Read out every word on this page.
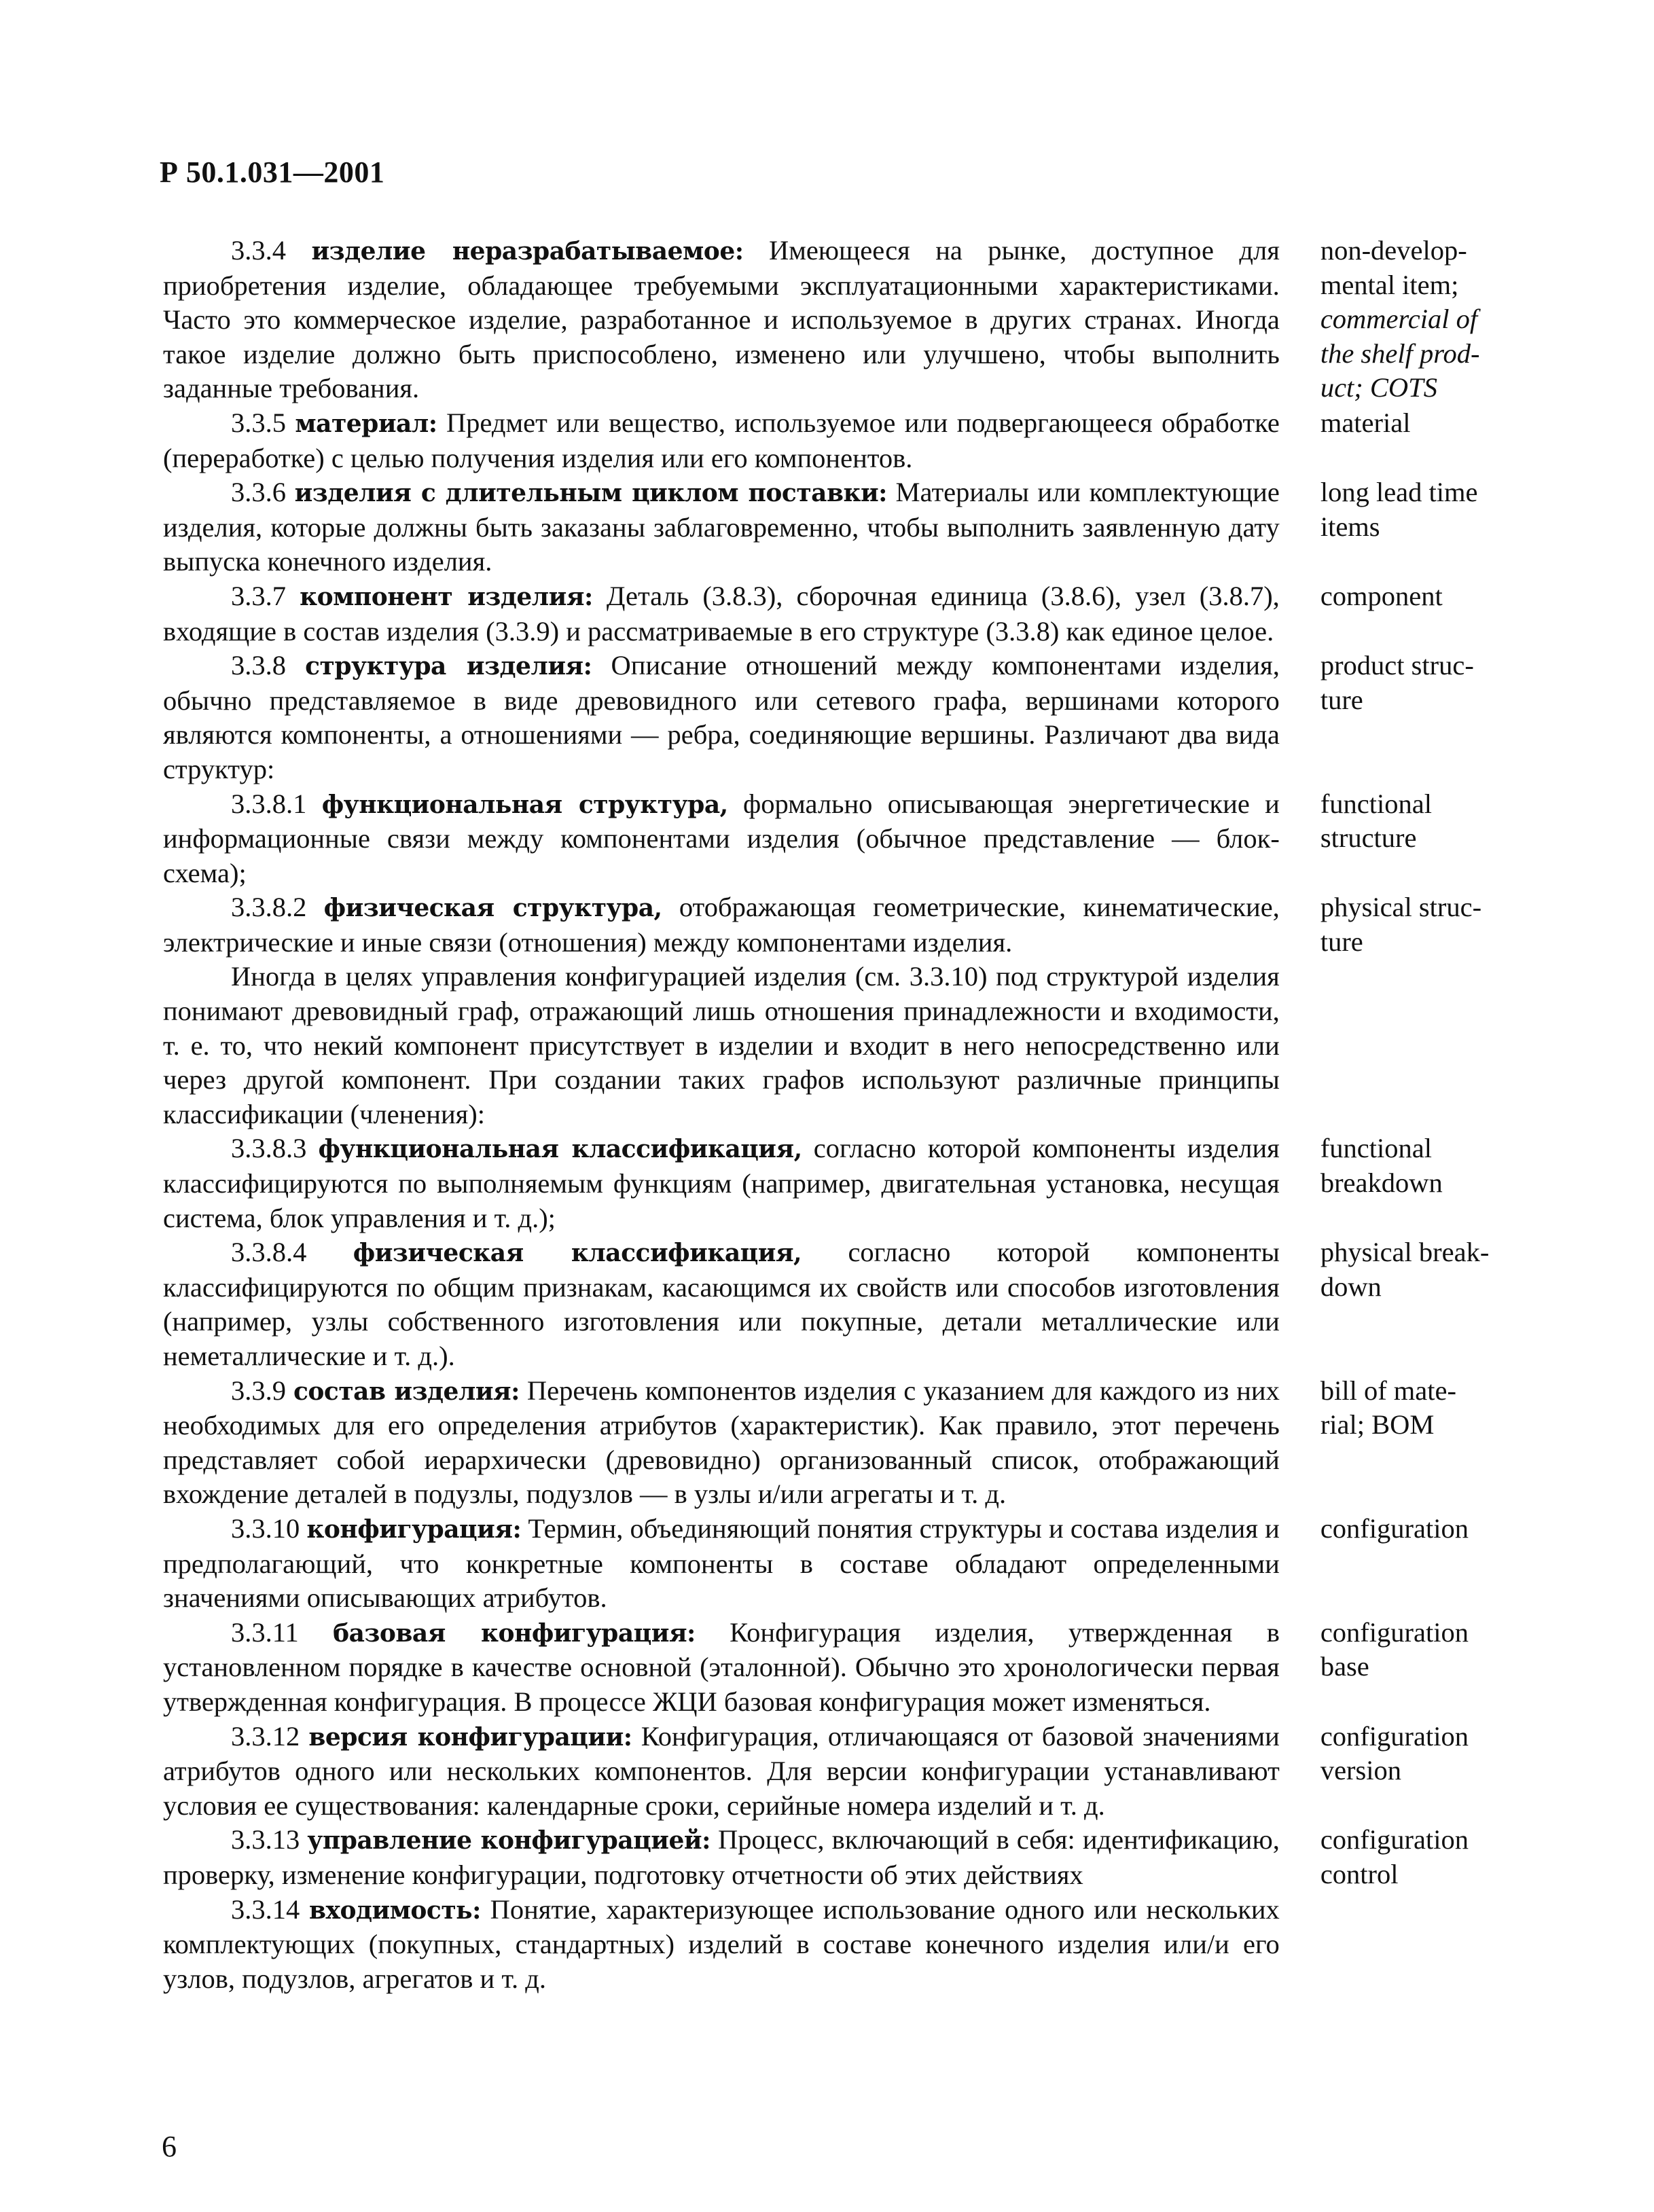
Р 50.1.031—2001
3.3.4 изделие неразрабатываемое: Имеющееся на рынке, доступное для приобретения изделие, обладающее требуемыми эксплуатационными характеристиками. Часто это коммерческое изделие, разработанное и используемое в других странах. Иногда такое изделие должно быть приспособлено, изменено или улучшено, чтобы выполнить заданные требования.
non-develop-
mental item;
commercial of
the shelf prod-
uct; COTS
3.3.5 материал: Предмет или вещество, используемое или подвергающееся обработке (переработке) с целью получения изделия или его компонентов.
material
3.3.6 изделия с длительным циклом поставки: Материалы или комплектующие изделия, которые должны быть заказаны заблаговременно, чтобы выполнить заявленную дату выпуска конечного изделия.
long lead time
items
3.3.7 компонент изделия: Деталь (3.8.3), сборочная единица (3.8.6), узел (3.8.7), входящие в состав изделия (3.3.9) и рассматриваемые в его структуре (3.3.8) как единое целое.
component
3.3.8 структура изделия: Описание отношений между компонентами изделия, обычно представляемое в виде древовидного или сетевого графа, вершинами которого являются компоненты, а отношениями — ребра, соединяющие вершины. Различают два вида структур:
product struc-
ture
3.3.8.1 функциональная структура, формально описывающая энергетические и информационные связи между компонентами изделия (обычное представление — блок-схема);
functional
structure
3.3.8.2 физическая структура, отображающая геометрические, кинематические, электрические и иные связи (отношения) между компонентами изделия.
physical struc-
ture
Иногда в целях управления конфигурацией изделия (см. 3.3.10) под структурой изделия понимают древовидный граф, отражающий лишь отношения принадлежности и входимости, т. е. то, что некий компонент присутствует в изделии и входит в него непосредственно или через другой компонент. При создании таких графов используют различные принципы классификации (членения):
3.3.8.3 функциональная классификация, согласно которой компоненты изделия классифицируются по выполняемым функциям (например, двигательная установка, несущая система, блок управления и т. д.);
functional
breakdown
3.3.8.4 физическая классификация, согласно которой компоненты классифицируются по общим признакам, касающимся их свойств или способов изготовления (например, узлы собственного изготовления или покупные, детали металлические или неметаллические и т. д.).
physical break-
down
3.3.9 состав изделия: Перечень компонентов изделия с указанием для каждого из них необходимых для его определения атрибутов (характеристик). Как правило, этот перечень представляет собой иерархически (древовидно) организованный список, отображающий вхождение деталей в подузлы, подузлов — в узлы и/или агрегаты и т. д.
bill of mate-
rial; BOM
3.3.10 конфигурация: Термин, объединяющий понятия структуры и состава изделия и предполагающий, что конкретные компоненты в составе обладают определенными значениями описывающих атрибутов.
configuration
3.3.11 базовая конфигурация: Конфигурация изделия, утвержденная в установленном порядке в качестве основной (эталонной). Обычно это хронологически первая утвержденная конфигурация. В процессе ЖЦИ базовая конфигурация может изменяться.
configuration
base
3.3.12 версия конфигурации: Конфигурация, отличающаяся от базовой значениями атрибутов одного или нескольких компонентов. Для версии конфигурации устанавливают условия ее существования: календарные сроки, серийные номера изделий и т. д.
configuration
version
3.3.13 управление конфигурацией: Процесс, включающий в себя: идентификацию, проверку, изменение конфигурации, подготовку отчетности об этих действиях
configuration
control
3.3.14 входимость: Понятие, характеризующее использование одного или нескольких комплектующих (покупных, стандартных) изделий в составе конечного изделия или/и его узлов, подузлов, агрегатов и т. д.
6
